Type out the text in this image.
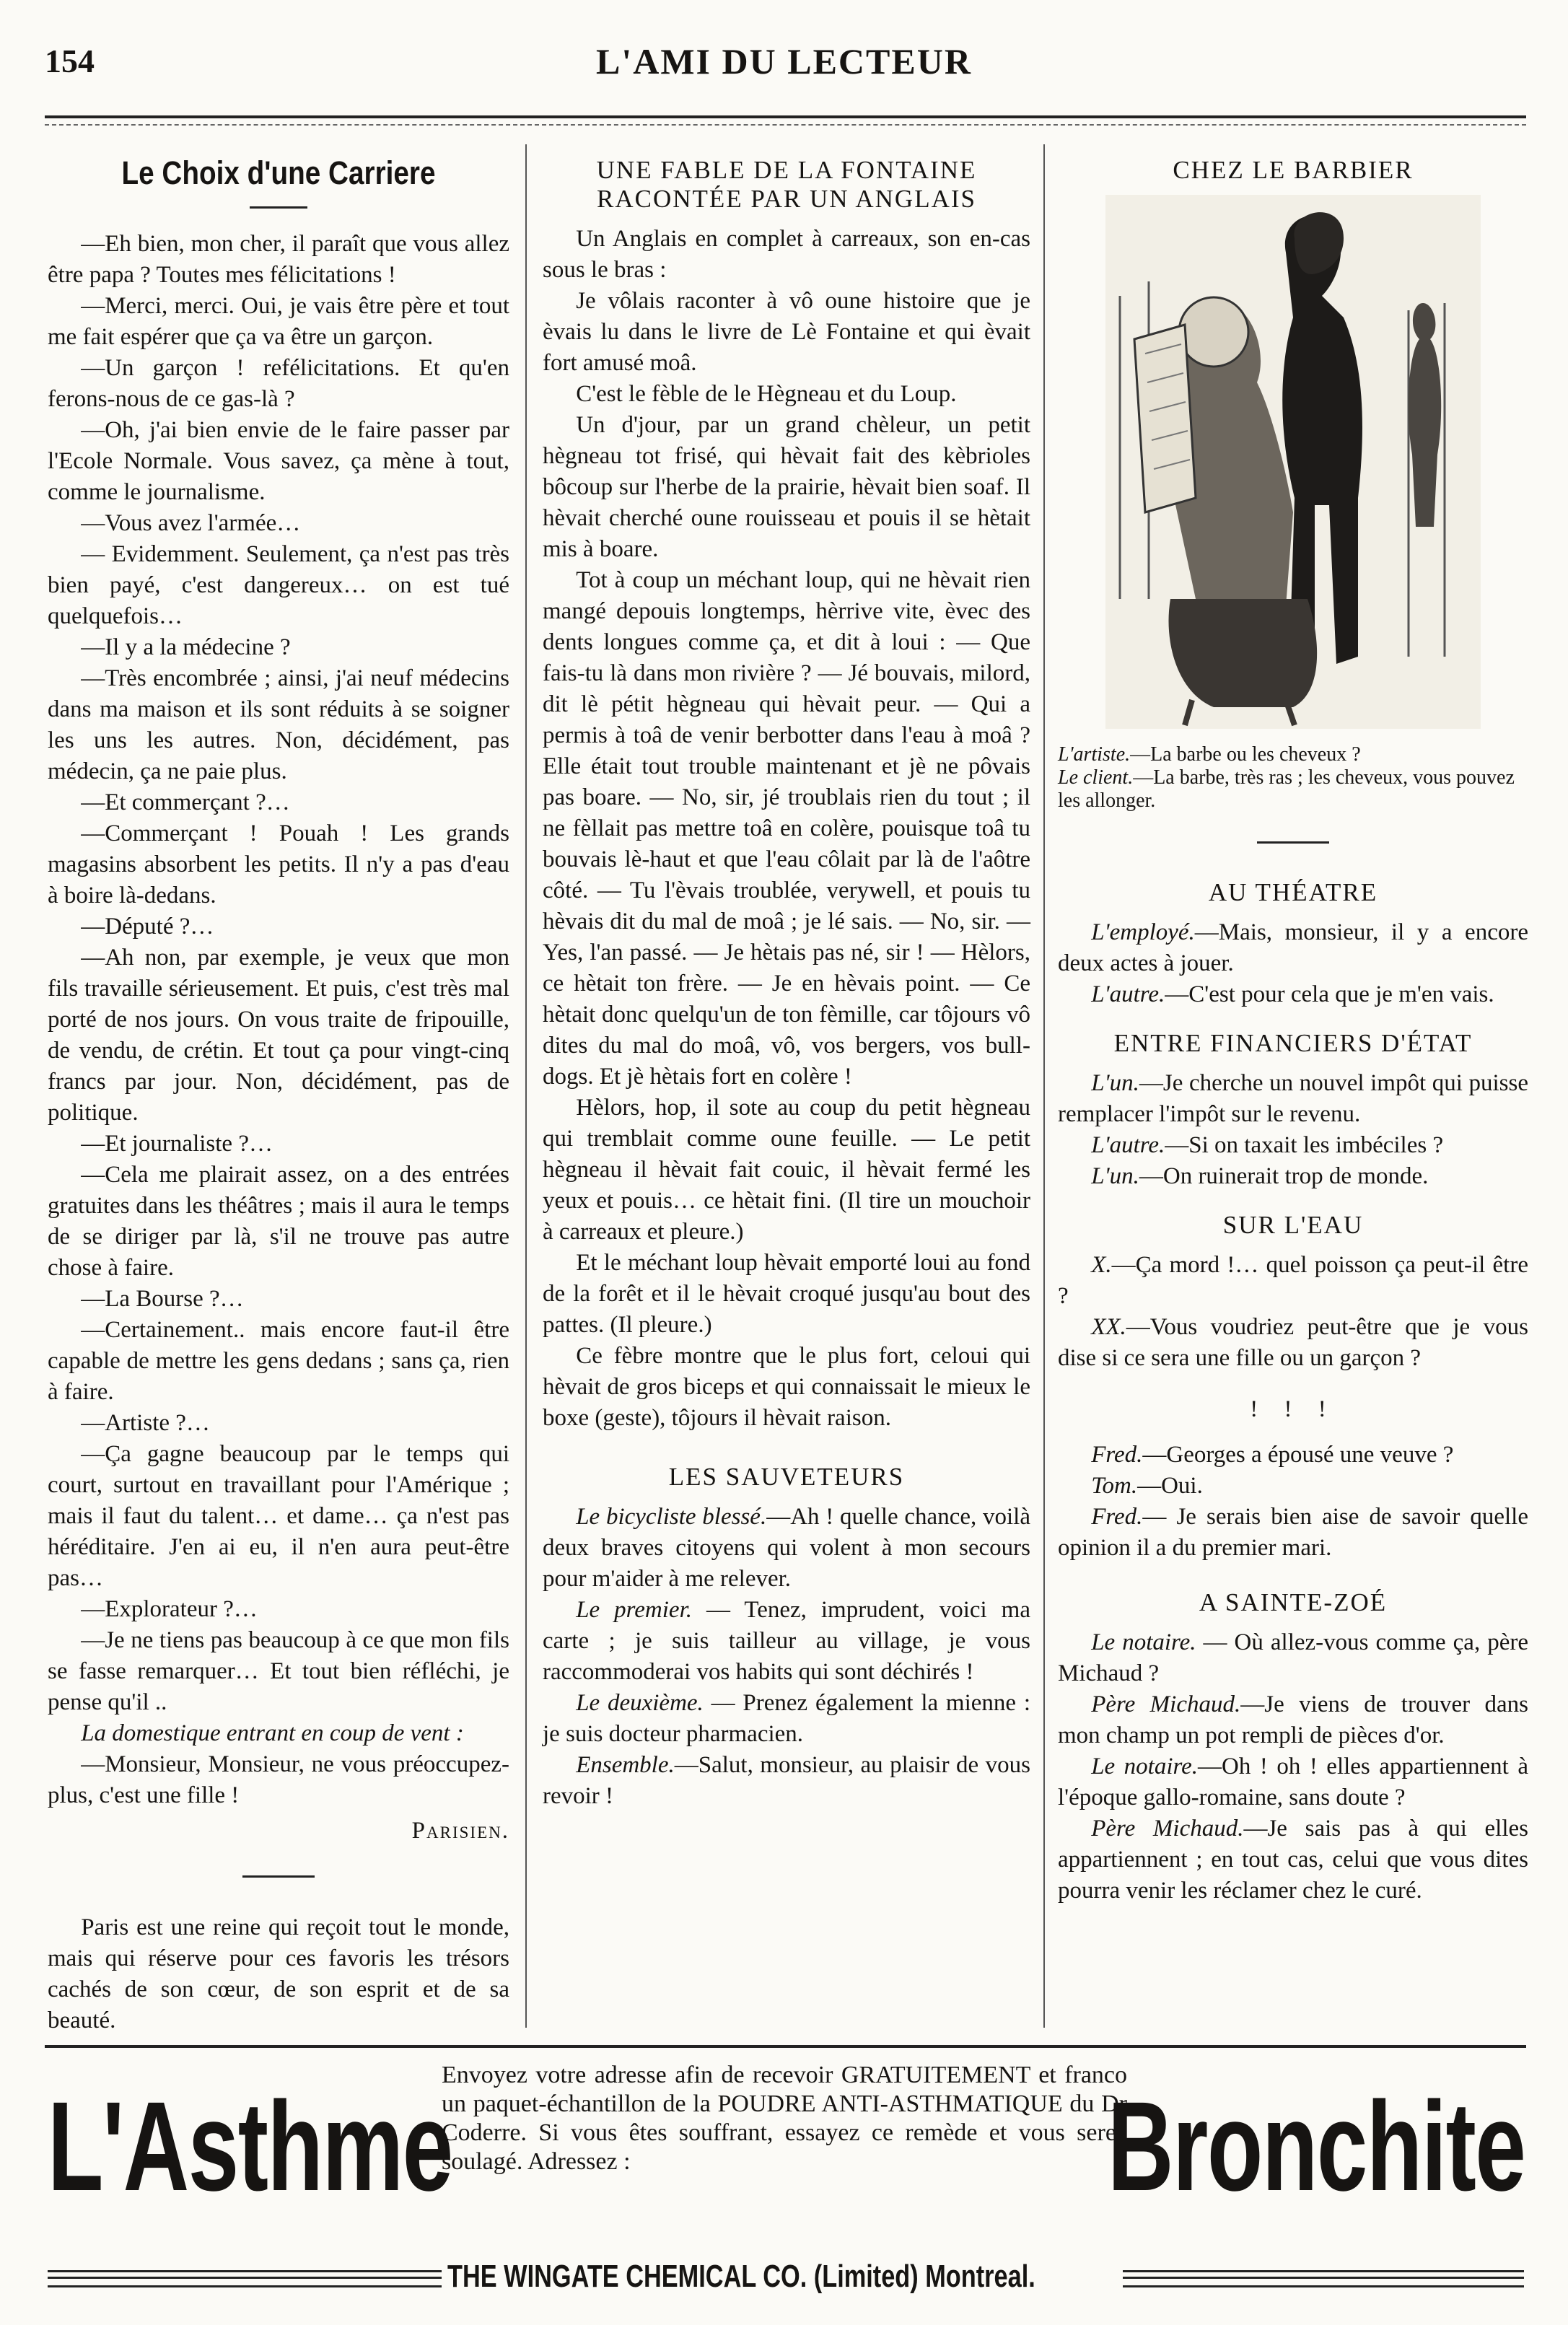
154	L'AMI DU LECTEUR
Le Choix d'une Carriere

—Eh bien, mon cher, il paraît que vous allez être papa ? Toutes mes félicitations !

—Merci, merci. Oui, je vais être père et tout me fait espérer que ça va être un garçon.

—Un garçon ! refélicitations. Et qu'en ferons-nous de ce gas-là ?

—Oh, j'ai bien envie de le faire passer par l'Ecole Normale. Vous savez, ça mène à tout, comme le journalisme.

—Vous avez l'armée…

— Evidemment. Seulement, ça n'est pas très bien payé, c'est dangereux… on est tué quelquefois…

—Il y a la médecine ?

—Très encombrée ; ainsi, j'ai neuf médecins dans ma maison et ils sont réduits à se soigner les uns les autres. Non, décidément, pas médecin, ça ne paie plus.

—Et commerçant ?…

—Commerçant ! Pouah ! Les grands magasins absorbent les petits. Il n'y a pas d'eau à boire là-dedans.

—Député ?…

—Ah non, par exemple, je veux que mon fils travaille sérieusement. Et puis, c'est très mal porté de nos jours. On vous traite de fripouille, de vendu, de crétin. Et tout ça pour vingt-cinq francs par jour. Non, décidément, pas de politique.

—Et journaliste ?…

—Cela me plairait assez, on a des entrées gratuites dans les théâtres ; mais il aura le temps de se diriger par là, s'il ne trouve pas autre chose à faire.

—La Bourse ?…

—Certainement.. mais encore faut-il être capable de mettre les gens dedans ; sans ça, rien à faire.

—Artiste ?…

—Ça gagne beaucoup par le temps qui court, surtout en travaillant pour l'Amérique ; mais il faut du talent… et dame… ça n'est pas héréditaire. J'en ai eu, il n'en aura peut-être pas…

—Explorateur ?…

—Je ne tiens pas beaucoup à ce que mon fils se fasse remarquer… Et tout bien réfléchi, je pense qu'il ..

La domestique entrant en coup de vent :

—Monsieur, Monsieur, ne vous préoccupez-plus, c'est une fille !

Parisien.

Paris est une reine qui reçoit tout le monde, mais qui réserve pour ces favoris les trésors cachés de son cœur, de son esprit et de sa beauté.

UNE FABLE DE LA FONTAINE RACONTÉE PAR UN ANGLAIS

Un Anglais en complet à carreaux, son en-cas sous le bras :

Je vôlais raconter à vô oune histoire que je èvais lu dans le livre de Lè Fontaine et qui èvait fort amusé moâ.

C'est le fèble de le Hègneau et du Loup.

Un d'jour, par un grand chèleur, un petit hègneau tot frisé, qui hèvait fait des kèbrioles bôcoup sur l'herbe de la prairie, hèvait bien soaf. Il hèvait cherché oune rouisseau et pouis il se hètait mis à boare.

Tot à coup un méchant loup, qui ne hèvait rien mangé depouis longtemps, hèrrive vite, èvec des dents longues comme ça, et dit à loui : — Que fais-tu là dans mon rivière ? — Jé bouvais, milord, dit lè pétit hègneau qui hèvait peur. — Qui a permis à toâ de venir berbotter dans l'eau à moâ ? Elle était tout trouble maintenant et jè ne pôvais pas boare. — No, sir, jé troublais rien du tout ; il ne fèllait pas mettre toâ en colère, pouisque toâ tu bouvais lè-haut et que l'eau côlait par là de l'aôtre côté. — Tu l'èvais troublée, verywell, et pouis tu hèvais dit du mal de moâ ; je lé sais. — No, sir. — Yes, l'an passé. — Je hètais pas né, sir ! — Hèlors, ce hètait ton frère. — Je en hèvais point. — Ce hètait donc quelqu'un de ton fèmille, car tôjours vô dites du mal do moâ, vô, vos bergers, vos bull-dogs. Et jè hètais fort en colère !

Hèlors, hop, il sote au coup du petit hègneau qui tremblait comme oune feuille. — Le petit hègneau il hèvait fait couic, il hèvait fermé les yeux et pouis… ce hètait fini. (Il tire un mouchoir à carreaux et pleure.)

Et le méchant loup hèvait emporté loui au fond de la forêt et il le hèvait croqué jusqu'au bout des pattes. (Il pleure.)

Ce fèbre montre que le plus fort, celoui qui hèvait de gros biceps et qui connaissait le mieux le boxe (geste), tôjours il hèvait raison.

LES SAUVETEURS

Le bicycliste blessé.—Ah ! quelle chance, voilà deux braves citoyens qui volent à mon secours pour m'aider à me relever.

Le premier. — Tenez, imprudent, voici ma carte ; je suis tailleur au village, je vous raccommoderai vos habits qui sont déchirés !

Le deuxième. — Prenez également la mienne : je suis docteur pharmacien.

Ensemble.—Salut, monsieur, au plaisir de vous revoir !

CHEZ LE BARBIER

L'artiste.—La barbe ou les cheveux ?

Le client.—La barbe, très ras ; les cheveux, vous pouvez les allonger.

AU THÉATRE

L'employé.—Mais, monsieur, il y a encore deux actes à jouer.

L'autre.—C'est pour cela que je m'en vais.

ENTRE FINANCIERS D'ÉTAT

L'un.—Je cherche un nouvel impôt qui puisse remplacer l'impôt sur le revenu.

L'autre.—Si on taxait les imbéciles ?

L'un.—On ruinerait trop de monde.

SUR L'EAU

X.—Ça mord !… quel poisson ça peut-il être ?

XX.—Vous voudriez peut-être que je vous dise si ce sera une fille ou un garçon ?

! ! !

Fred.—Georges a épousé une veuve ?

Tom.—Oui.

Fred.— Je serais bien aise de savoir quelle opinion il a du premier mari.

A SAINTE-ZOÉ

Le notaire. — Où allez-vous comme ça, père Michaud ?

Père Michaud.—Je viens de trouver dans mon champ un pot rempli de pièces d'or.

Le notaire.—Oh ! oh ! elles appartiennent à l'époque gallo-romaine, sans doute ?

Père Michaud.—Je sais pas à qui elles appartiennent ; en tout cas, celui que vous dites pourra venir les réclamer chez le curé.

L'Asthme	Bronchite
Envoyez votre adresse afin de recevoir GRATUITEMENT et franco un paquet-échantillon de la POUDRE ANTI-ASTHMATIQUE du Dr Coderre. Si vous êtes souffrant, essayez ce remède et vous serez soulagé. Adressez :
THE WINGATE CHEMICAL CO. (Limited) Montreal.
